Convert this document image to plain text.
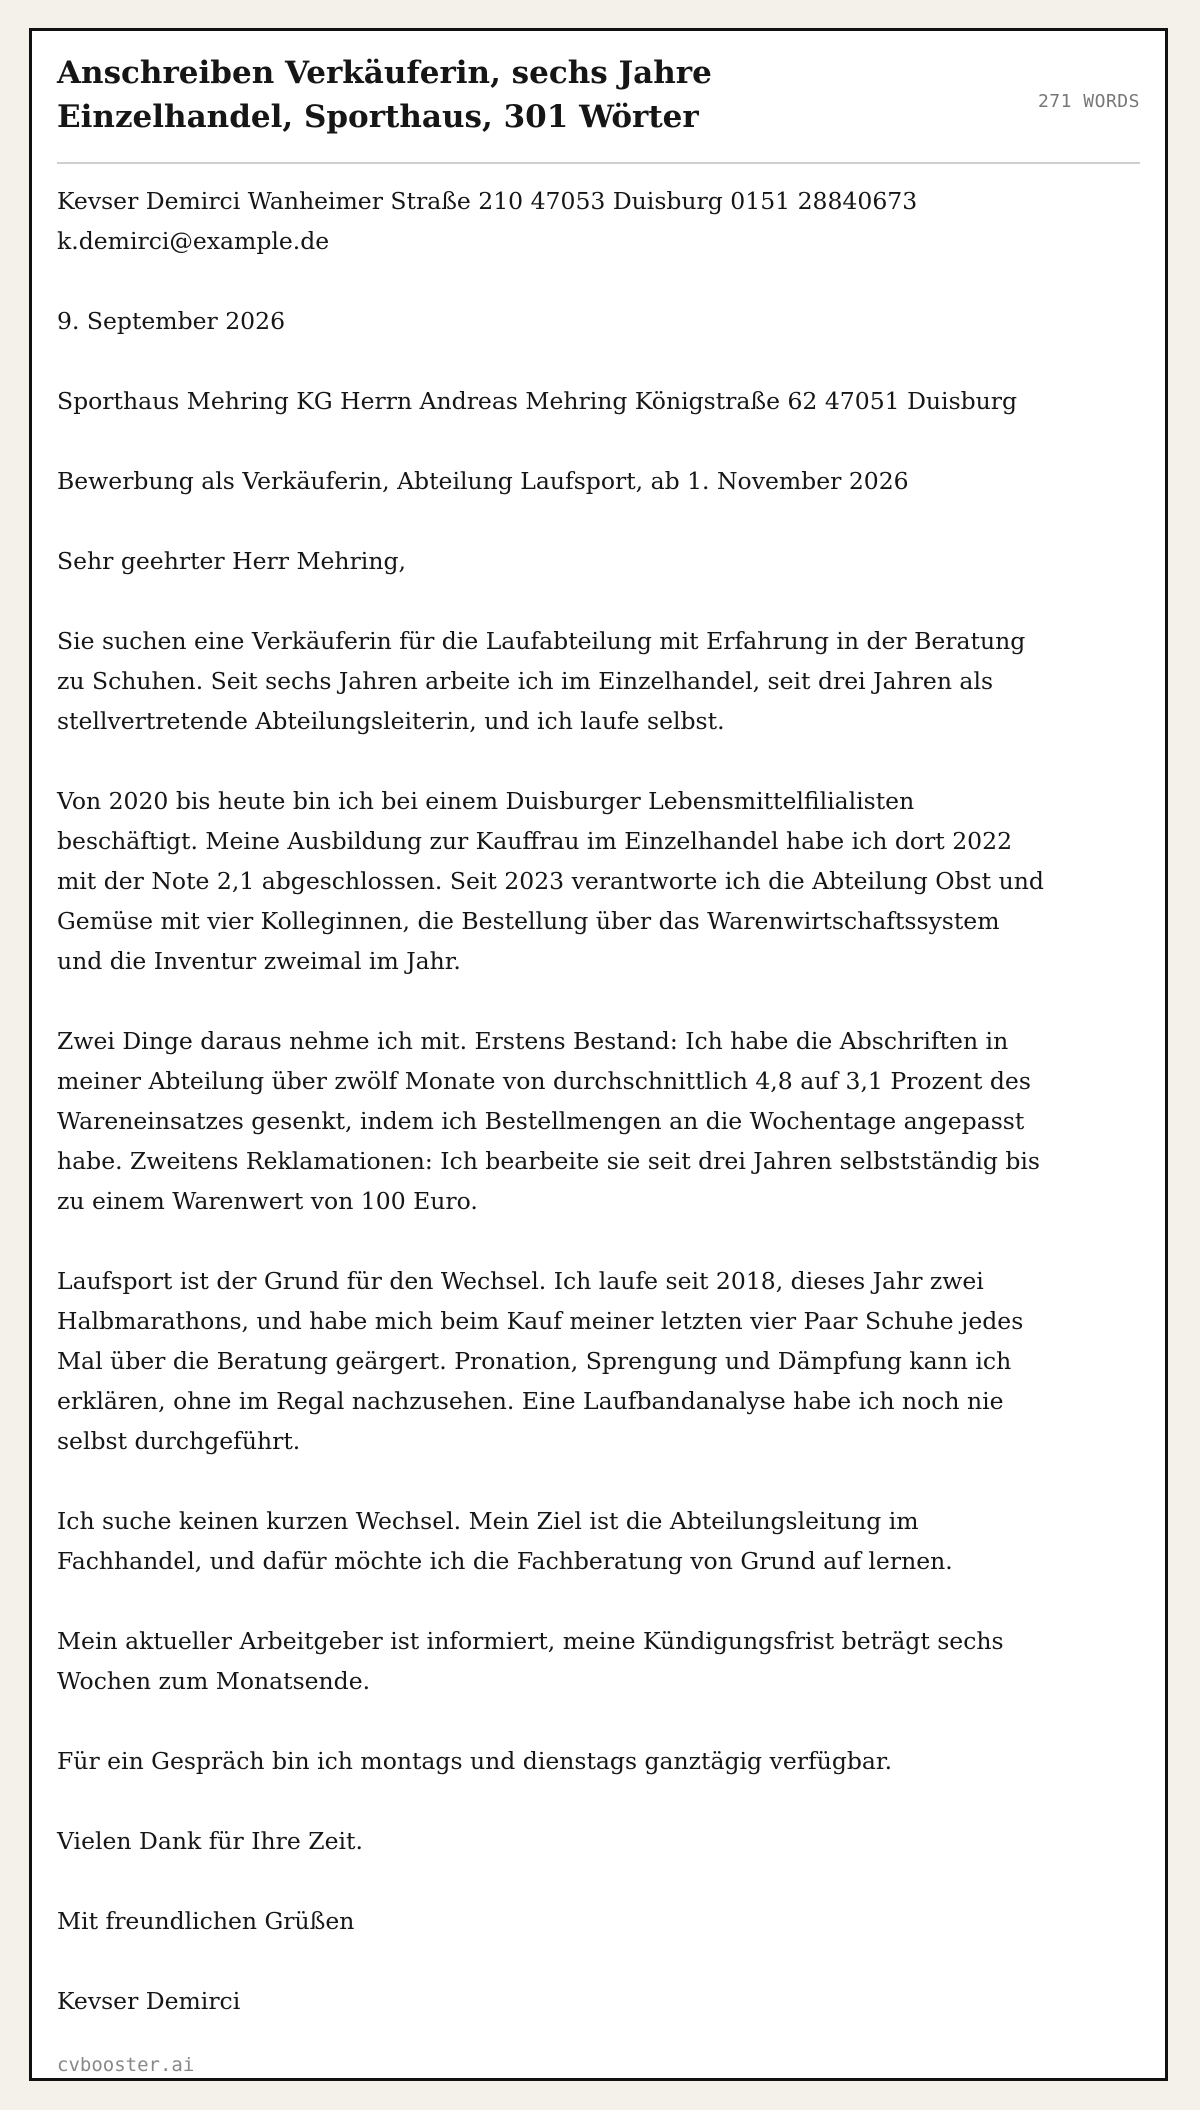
Anschreiben Verkäuferin, sechs Jahre Einzelhandel, Sporthaus, 301 Wörter	271 WORDS

Kevser Demirci Wanheimer Straße 210 47053 Duisburg 0151 28840673 k.demirci@example.de

9. September 2026

Sporthaus Mehring KG Herrn Andreas Mehring Königstraße 62 47051 Duisburg

Bewerbung als Verkäuferin, Abteilung Laufsport, ab 1. November 2026

Sehr geehrter Herr Mehring,

Sie suchen eine Verkäuferin für die Laufabteilung mit Erfahrung in der Beratung zu Schuhen. Seit sechs Jahren arbeite ich im Einzelhandel, seit drei Jahren als stellvertretende Abteilungsleiterin, und ich laufe selbst.

Von 2020 bis heute bin ich bei einem Duisburger Lebensmittelfilialisten beschäftigt. Meine Ausbildung zur Kauffrau im Einzelhandel habe ich dort 2022 mit der Note 2,1 abgeschlossen. Seit 2023 verantworte ich die Abteilung Obst und Gemüse mit vier Kolleginnen, die Bestellung über das Warenwirtschaftssystem und die Inventur zweimal im Jahr.

Zwei Dinge daraus nehme ich mit. Erstens Bestand: Ich habe die Abschriften in meiner Abteilung über zwölf Monate von durchschnittlich 4,8 auf 3,1 Prozent des Wareneinsatzes gesenkt, indem ich Bestellmengen an die Wochentage angepasst habe. Zweitens Reklamationen: Ich bearbeite sie seit drei Jahren selbstständig bis zu einem Warenwert von 100 Euro.

Laufsport ist der Grund für den Wechsel. Ich laufe seit 2018, dieses Jahr zwei Halbmarathons, und habe mich beim Kauf meiner letzten vier Paar Schuhe jedes Mal über die Beratung geärgert. Pronation, Sprengung und Dämpfung kann ich erklären, ohne im Regal nachzusehen. Eine Laufbandanalyse habe ich noch nie selbst durchgeführt.

Ich suche keinen kurzen Wechsel. Mein Ziel ist die Abteilungsleitung im Fachhandel, und dafür möchte ich die Fachberatung von Grund auf lernen.

Mein aktueller Arbeitgeber ist informiert, meine Kündigungsfrist beträgt sechs Wochen zum Monatsende.

Für ein Gespräch bin ich montags und dienstags ganztägig verfügbar.

Vielen Dank für Ihre Zeit.

Mit freundlichen Grüßen

Kevser Demirci

cvbooster.ai
